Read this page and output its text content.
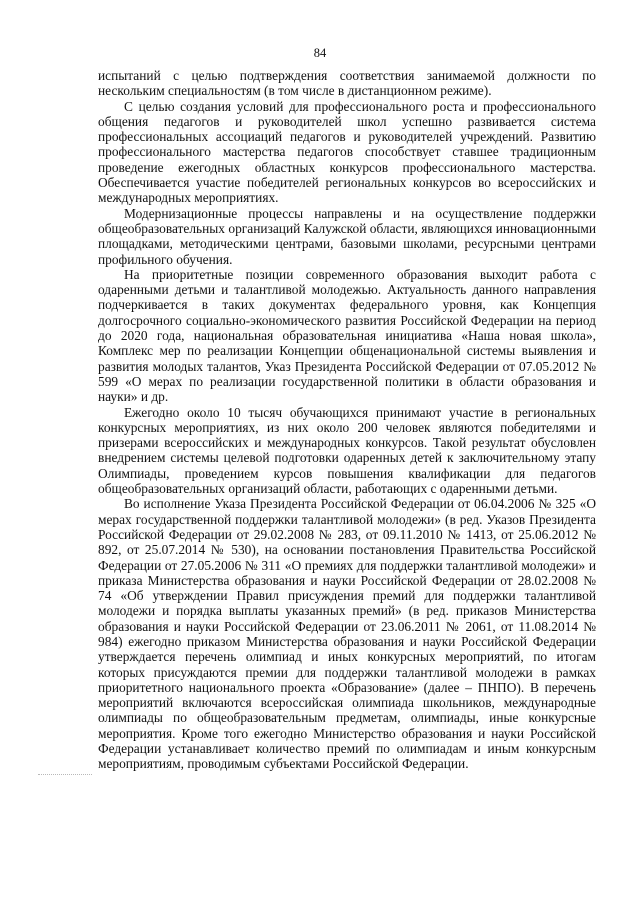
84

испытаний с целью подтверждения соответствия занимаемой должности по нескольким специальностям (в том числе в дистанционном режиме).

С целью создания условий для профессионального роста и профессионального общения педагогов и руководителей школ успешно развивается система профессиональных ассоциаций педагогов и руководителей учреждений. Развитию профессионального мастерства педагогов способствует ставшее традиционным проведение ежегодных областных конкурсов профессионального мастерства. Обеспечивается участие победителей региональных конкурсов во всероссийских и международных мероприятиях.

Модернизационные процессы направлены и на осуществление поддержки общеобразовательных организаций Калужской области, являющихся инновационными площадками, методическими центрами, базовыми школами, ресурсными центрами профильного обучения.

На приоритетные позиции современного образования выходит работа с одаренными детьми и талантливой молодежью. Актуальность данного направления подчеркивается в таких документах федерального уровня, как Концепция долгосрочного социально-экономического развития Российской Федерации на период до 2020 года, национальная образовательная инициатива «Наша новая школа», Комплекс мер по реализации Концепции общенациональной системы выявления и развития молодых талантов, Указ Президента Российской Федерации от 07.05.2012 № 599 «О мерах по реализации государственной политики в области образования и науки» и др.

Ежегодно около 10 тысяч обучающихся принимают участие в региональных конкурсных мероприятиях, из них около 200 человек являются победителями и призерами всероссийских и международных конкурсов. Такой результат обусловлен внедрением системы целевой подготовки одаренных детей к заключительному этапу Олимпиады, проведением курсов повышения квалификации для педагогов общеобразовательных организаций области, работающих с одаренными детьми.

Во исполнение Указа Президента Российской Федерации от 06.04.2006 № 325 «О мерах государственной поддержки талантливой молодежи» (в ред. Указов Президента Российской Федерации от 29.02.2008 № 283, от 09.11.2010 № 1413, от 25.06.2012 № 892, от 25.07.2014 № 530), на основании постановления Правительства Российской Федерации от 27.05.2006 № 311 «О премиях для поддержки талантливой молодежи» и приказа Министерства образования и науки Российской Федерации от 28.02.2008 № 74 «Об утверждении Правил присуждения премий для поддержки талантливой молодежи и порядка выплаты указанных премий» (в ред. приказов Министерства образования и науки Российской Федерации от 23.06.2011 № 2061, от 11.08.2014 № 984) ежегодно приказом Министерства образования и науки Российской Федерации утверждается перечень олимпиад и иных конкурсных мероприятий, по итогам которых присуждаются премии для поддержки талантливой молодежи в рамках приоритетного национального проекта «Образование» (далее – ПНПО). В перечень мероприятий включаются всероссийская олимпиада школьников, международные олимпиады по общеобразовательным предметам, олимпиады, иные конкурсные мероприятия. Кроме того ежегодно Министерство образования и науки Российской Федерации устанавливает количество премий по олимпиадам и иным конкурсным мероприятиям, проводимым субъектами Российской Федерации.
